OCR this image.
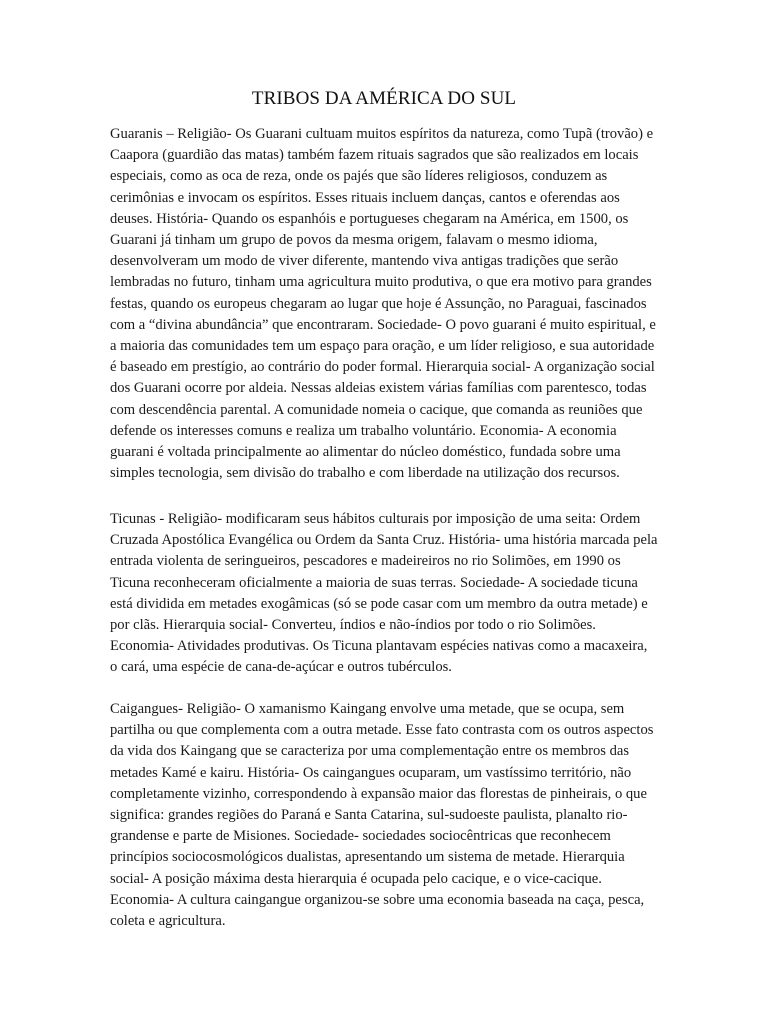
TRIBOS DA AMÉRICA DO SUL

Guaranis – Religião- Os Guarani cultuam muitos espíritos da natureza, como Tupã (trovão) e Caapora (guardião das matas) também fazem rituais sagrados que são realizados em locais especiais, como as oca de reza, onde os pajés que são líderes religiosos, conduzem as cerimônias e invocam os espíritos. Esses rituais incluem danças, cantos e oferendas aos deuses. História- Quando os espanhóis e portugueses chegaram na América, em 1500, os Guarani já tinham um grupo de povos da mesma origem, falavam o mesmo idioma, desenvolveram um modo de viver diferente, mantendo viva antigas tradições que serão lembradas no futuro, tinham uma agricultura muito produtiva, o que era motivo para grandes festas, quando os europeus chegaram ao lugar que hoje é Assunção, no Paraguai, fascinados com a “divina abundância” que encontraram. Sociedade- O povo guarani é muito espiritual, e a maioria das comunidades tem um espaço para oração, e um líder religioso, e sua autoridade é baseado em prestígio, ao contrário do poder formal. Hierarquia social- A organização social dos Guarani ocorre por aldeia. Nessas aldeias existem várias famílias com parentesco, todas com descendência parental. A comunidade nomeia o cacique, que comanda as reuniões que defende os interesses comuns e realiza um trabalho voluntário. Economia- A economia guarani é voltada principalmente ao alimentar do núcleo doméstico, fundada sobre uma simples tecnologia, sem divisão do trabalho e com liberdade na utilização dos recursos.

Ticunas - Religião- modificaram seus hábitos culturais por imposição de uma seita: Ordem Cruzada Apostólica Evangélica ou Ordem da Santa Cruz. História- uma história marcada pela entrada violenta de seringueiros, pescadores e madeireiros no rio Solimões, em 1990 os Ticuna reconheceram oficialmente a maioria de suas terras. Sociedade- A sociedade ticuna está dividida em metades exogâmicas (só se pode casar com um membro da outra metade) e por clãs. Hierarquia social- Converteu, índios e não-índios por todo o rio Solimões. Economia- Atividades produtivas. Os Ticuna plantavam espécies nativas como a macaxeira, o cará, uma espécie de cana-de-açúcar e outros tubérculos.

Caigangues- Religião- O xamanismo Kaingang envolve uma metade, que se ocupa, sem partilha ou que complementa com a outra metade. Esse fato contrasta com os outros aspectos da vida dos Kaingang que se caracteriza por uma complementação entre os membros das metades Kamé e kairu. História- Os caingangues ocuparam, um vastíssimo território, não completamente vizinho, correspondendo à expansão maior das florestas de pinheirais, o que significa: grandes regiões do Paraná e Santa Catarina, sul-sudoeste paulista, planalto rio-grandense e parte de Misiones. Sociedade- sociedades sociocêntricas que reconhecem princípios sociocosmológicos dualistas, apresentando um sistema de metade. Hierarquia social- A posição máxima desta hierarquia é ocupada pelo cacique, e o vice-cacique. Economia- A cultura caingangue organizou-se sobre uma economia baseada na caça, pesca, coleta e agricultura.
